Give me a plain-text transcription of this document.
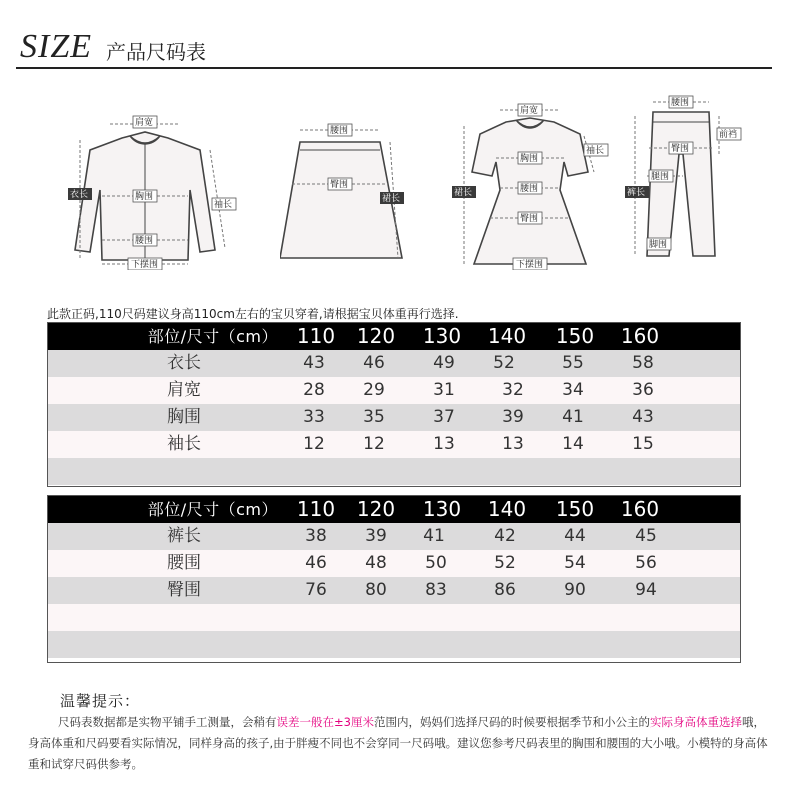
SIZE 产品尺码表
肩宽
衣长	胸围
袖长
腰围
下摆围
腰围
臀围
裙长
肩宽
袖长
胸围
裙长	腰围
臀围
下摆围
腰围
前裆
臀围
腿围
裤长
脚围
此款正码,110尺码建议身高110cm左右的宝贝穿着,请根据宝贝体重再行选择.
部位/尺寸（cm） 110	120	130	140	150	160
衣长	43	46	49	52	55	58
肩宽	28	29	31	32	34	36
胸围	33	35	37	39	41	43
袖长	12	12	13	13	14	15
部位/尺寸（cm） 110	120	130	140	150	160
裤长	38	39	41	42	44	45
腰围	46	48	50	52	54	56
臀围	76	80	83	86	90	94
温馨提示：
尺码表数据都是实物平铺手工测量，会稍有误差一般在±3厘米范围内，妈妈们选择尺码的时候要根据季节和小公主的实际身高体重选择哦，身高体重和尺码要看实际情况，同样身高的孩子,由于胖瘦不同也不会穿同一尺码哦。建议您参考尺码表里的胸围和腰围的大小哦。小模特的身高体重和试穿尺码供参考。
